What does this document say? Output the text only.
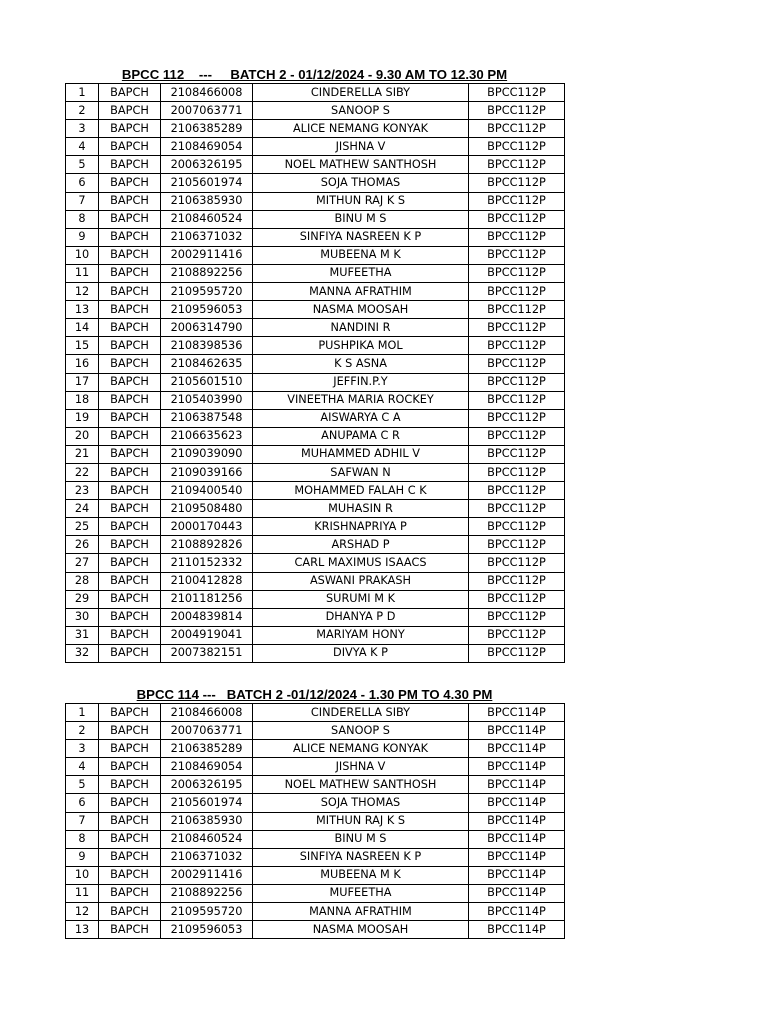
BPCC 112    ---     BATCH 2 - 01/12/2024 - 9.30 AM TO 12.30 PM
1	BAPCH	2108466008	CINDERELLA SIBY	BPCC112P
2	BAPCH	2007063771	SANOOP S	BPCC112P
3	BAPCH	2106385289	ALICE NEMANG KONYAK	BPCC112P
4	BAPCH	2108469054	JISHNA V	BPCC112P
5	BAPCH	2006326195	NOEL MATHEW SANTHOSH	BPCC112P
6	BAPCH	2105601974	SOJA THOMAS	BPCC112P
7	BAPCH	2106385930	MITHUN RAJ K S	BPCC112P
8	BAPCH	2108460524	BINU M S	BPCC112P
9	BAPCH	2106371032	SINFIYA NASREEN K P	BPCC112P
10	BAPCH	2002911416	MUBEENA M K	BPCC112P
11	BAPCH	2108892256	MUFEETHA	BPCC112P
12	BAPCH	2109595720	MANNA AFRATHIM	BPCC112P
13	BAPCH	2109596053	NASMA MOOSAH	BPCC112P
14	BAPCH	2006314790	NANDINI R	BPCC112P
15	BAPCH	2108398536	PUSHPIKA MOL	BPCC112P
16	BAPCH	2108462635	K S ASNA	BPCC112P
17	BAPCH	2105601510	JEFFIN.P.Y	BPCC112P
18	BAPCH	2105403990	VINEETHA MARIA ROCKEY	BPCC112P
19	BAPCH	2106387548	AISWARYA C A	BPCC112P
20	BAPCH	2106635623	ANUPAMA C R	BPCC112P
21	BAPCH	2109039090	MUHAMMED ADHIL V	BPCC112P
22	BAPCH	2109039166	SAFWAN N	BPCC112P
23	BAPCH	2109400540	MOHAMMED FALAH C K	BPCC112P
24	BAPCH	2109508480	MUHASIN R	BPCC112P
25	BAPCH	2000170443	KRISHNAPRIYA P	BPCC112P
26	BAPCH	2108892826	ARSHAD P	BPCC112P
27	BAPCH	2110152332	CARL MAXIMUS ISAACS	BPCC112P
28	BAPCH	2100412828	ASWANI PRAKASH	BPCC112P
29	BAPCH	2101181256	SURUMI M K	BPCC112P
30	BAPCH	2004839814	DHANYA P D	BPCC112P
31	BAPCH	2004919041	MARIYAM HONY	BPCC112P
32	BAPCH	2007382151	DIVYA K P	BPCC112P
BPCC 114 ---   BATCH 2 -01/12/2024 - 1.30 PM TO 4.30 PM
1	BAPCH	2108466008	CINDERELLA SIBY	BPCC114P
2	BAPCH	2007063771	SANOOP S	BPCC114P
3	BAPCH	2106385289	ALICE NEMANG KONYAK	BPCC114P
4	BAPCH	2108469054	JISHNA V	BPCC114P
5	BAPCH	2006326195	NOEL MATHEW SANTHOSH	BPCC114P
6	BAPCH	2105601974	SOJA THOMAS	BPCC114P
7	BAPCH	2106385930	MITHUN RAJ K S	BPCC114P
8	BAPCH	2108460524	BINU M S	BPCC114P
9	BAPCH	2106371032	SINFIYA NASREEN K P	BPCC114P
10	BAPCH	2002911416	MUBEENA M K	BPCC114P
11	BAPCH	2108892256	MUFEETHA	BPCC114P
12	BAPCH	2109595720	MANNA AFRATHIM	BPCC114P
13	BAPCH	2109596053	NASMA MOOSAH	BPCC114P
